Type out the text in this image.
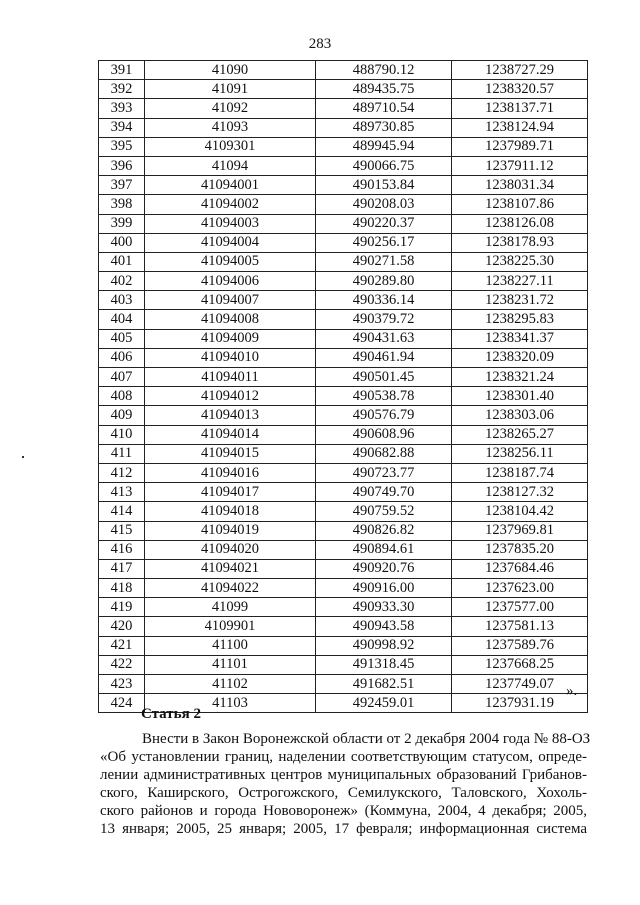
283
391	41090	488790.12	1238727.29
392	41091	489435.75	1238320.57
393	41092	489710.54	1238137.71
394	41093	489730.85	1238124.94
395	4109301	489945.94	1237989.71
396	41094	490066.75	1237911.12
397	41094001	490153.84	1238031.34
398	41094002	490208.03	1238107.86
399	41094003	490220.37	1238126.08
400	41094004	490256.17	1238178.93
401	41094005	490271.58	1238225.30
402	41094006	490289.80	1238227.11
403	41094007	490336.14	1238231.72
404	41094008	490379.72	1238295.83
405	41094009	490431.63	1238341.37
406	41094010	490461.94	1238320.09
407	41094011	490501.45	1238321.24
408	41094012	490538.78	1238301.40
409	41094013	490576.79	1238303.06
410	41094014	490608.96	1238265.27
411	41094015	490682.88	1238256.11
412	41094016	490723.77	1238187.74
413	41094017	490749.70	1238127.32
414	41094018	490759.52	1238104.42
415	41094019	490826.82	1237969.81
416	41094020	490894.61	1237835.20
417	41094021	490920.76	1237684.46
418	41094022	490916.00	1237623.00
419	41099	490933.30	1237577.00
420	4109901	490943.58	1237581.13
421	41100	490998.92	1237589.76
422	41101	491318.45	1237668.25
423	41102	491682.51	1237749.07
424	41103	492459.01	1237931.19
».
Статья 2
Внести в Закон Воронежской области от 2 декабря 2004 года № 88-ОЗ
«Об установлении границ, наделении соответствующим статусом, опреде-
лении административных центров муниципальных образований Грибанов-
ского, Каширского, Острогожского, Семилукского, Таловского, Хохоль-
ского районов и города Нововоронеж» (Коммуна, 2004, 4 декабря; 2005,
13 января; 2005, 25 января; 2005, 17 февраля; информационная система
